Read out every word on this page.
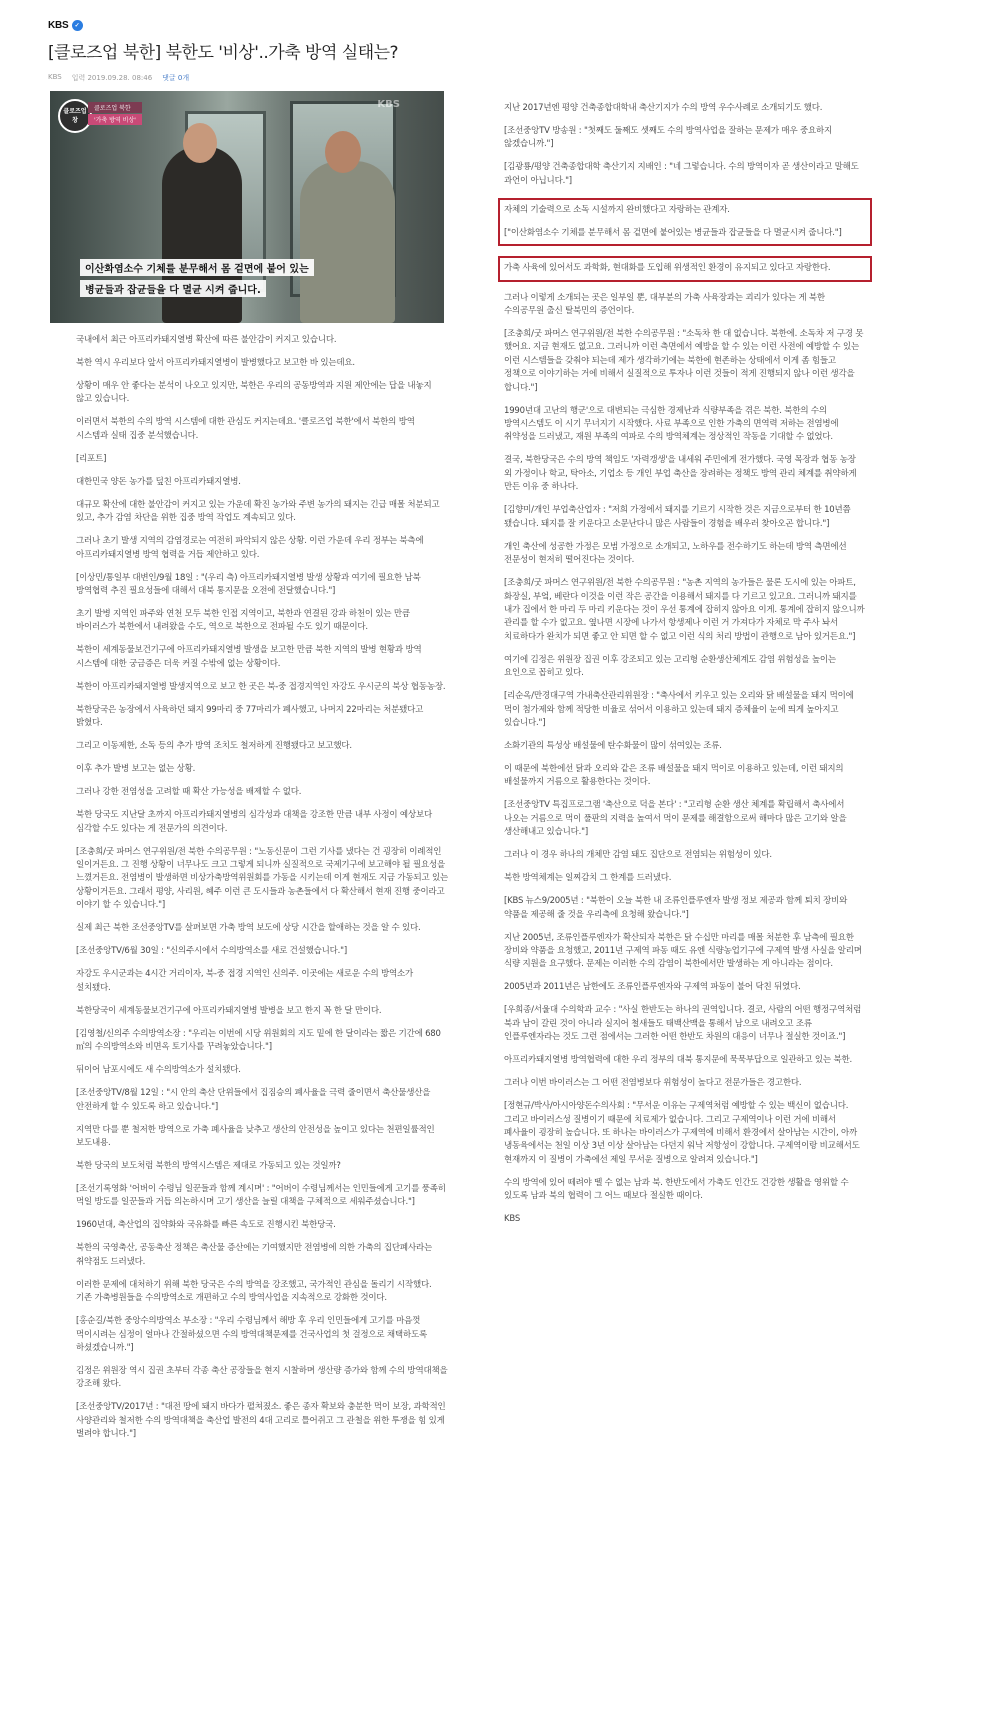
KBS	✓
[클로즈업 북한] 북한도 '비상'..가축 방역 실태는?
KBS 입력 2019.09.28. 08:46 댓글 0개
클로즈업
창
클로즈업 북한
'가축 방역 비상'
KBS
이산화염소수 기체를 분무해서 몸 겉면에 붙어 있는
병균들과 잡균들을 다 멸균 시켜 줍니다.

국내에서 최근 아프리카돼지열병 확산에 따른 불안감이 커지고 있습니다.

북한 역시 우리보다 앞서 아프리카돼지열병이 발병했다고 보고한 바 있는데요.

상황이 매우 안 좋다는 분석이 나오고 있지만, 북한은 우리의 공동방역과 지원 제안에는 답을 내놓지 않고 있습니다.

이러면서 북한의 수의 방역 시스템에 대한 관심도 커지는데요. '클로즈업 북한'에서 북한의 방역 시스템과 실태 집중 분석했습니다.

[리포트]

대한민국 양돈 농가를 덮친 아프리카돼지열병.

대규모 확산에 대한 불안감이 커지고 있는 가운데 확진 농가와 주변 농가의 돼지는 긴급 매몰 처분되고 있고, 추가 감염 차단을 위한 집중 방역 작업도 계속되고 있다.

그러나 초기 발생 지역의 감염경로는 여전히 파악되지 않은 상황. 이런 가운데 우리 정부는 북측에 아프리카돼지열병 방역 협력을 거듭 제안하고 있다.

[이상민/통일부 대변인/9월 18일 : "(우리 측) 아프리카돼지열병 발생 상황과 여기에 필요한 남북 방역협력 추진 필요성들에 대해서 대북 통지문을 오전에 전달했습니다."]

초기 발병 지역인 파주와 연천 모두 북한 인접 지역이고, 북한과 연결된 강과 하천이 있는 만큼 바이러스가 북한에서 내려왔을 수도, 역으로 북한으로 전파될 수도 있기 때문이다.

북한이 세계동물보건기구에 아프리카돼지열병 발생을 보고한 만큼 북한 지역의 발병 현황과 방역 시스템에 대한 궁금증은 더욱 커질 수밖에 없는 상황이다.

북한이 아프리카돼지열병 발생지역으로 보고 한 곳은 북-중 접경지역인 자강도 우시군의 북상 협동농장.

북한당국은 농장에서 사육하던 돼지 99마리 중 77마리가 폐사했고, 나머지 22마리는 처분됐다고 밝혔다.

그리고 이동제한, 소독 등의 추가 방역 조치도 철저하게 진행됐다고 보고했다.

이후 추가 발병 보고는 없는 상황.

그러나 강한 전염성을 고려할 때 확산 가능성을 배제할 수 없다.

북한 당국도 지난달 초까지 아프리카돼지열병의 심각성과 대책을 강조한 만큼 내부 사정이 예상보다 심각할 수도 있다는 게 전문가의 의견이다.

[조충희/굿 파머스 연구위원/전 북한 수의공무원 : "노동신문이 그런 기사를 냈다는 건 굉장히 이례적인 일이거든요. 그 진행 상황이 너무나도 크고 그렇게 되니까 실질적으로 국제기구에 보고해야 될 필요성을 느꼈거든요. 전염병이 발생하면 비상가축방역위원회를 가동을 시키는데 이게 현재도 지금 가동되고 있는 상황이거든요. 그래서 평양, 사리원, 혜주 이런 큰 도시들과 농촌들에서 다 확산해서 현재 진행 중이라고 이야기 할 수 있습니다."]

실제 최근 북한 조선중앙TV를 살펴보면 가축 방역 보도에 상당 시간을 할애하는 것을 알 수 있다.

[조선중앙TV/6월 30일 : "신의주시에서 수의방역소를 새로 건설했습니다."]

자강도 우시군과는 4시간 거리이자, 북-중 접경 지역인 신의주. 이곳에는 새로운 수의 방역소가 설치됐다.

북한당국이 세계동물보건기구에 아프리카돼지열병 발병을 보고 한지 꼭 한 달 만이다.

[김영철/신의주 수의방역소장 : "우리는 이번에 시당 위원회의 지도 밑에 한 달이라는 짧은 기간에 680㎡의 수의방역소와 비면옥 토기사를 꾸려놓았습니다."]

뒤이어 남포시에도 새 수의방역소가 설치됐다.

[조선중앙TV/8월 12일 : "시 안의 축산 단위들에서 집짐승의 폐사율을 극력 줄이면서 축산물생산을 안전하게 할 수 있도록 하고 있습니다."]

지역만 다를 뿐 철저한 방역으로 가축 폐사율을 낮추고 생산의 안전성을 높이고 있다는 천편일률적인 보도내용.

북한 당국의 보도처럼 북한의 방역시스템은 제대로 가동되고 있는 것일까?

[조선기록영화 '어버이 수령님 일꾼들과 함께 계시며' : "어버이 수령님께서는 인민들에게 고기를 풍족히 먹일 방도를 일꾼들과 거듭 의논하시며 고기 생산을 늘릴 대책을 구체적으로 세워주셨습니다."]

1960년대, 축산업의 집약화와 국유화를 빠른 속도로 진행시킨 북한당국.

북한의 국영축산, 공동축산 정책은 축산물 증산에는 기여했지만 전염병에 의한 가축의 집단폐사라는 취약점도 드러냈다.

이러한 문제에 대처하기 위해 북한 당국은 수의 방역을 강조했고, 국가적인 관심을 돌리기 시작했다. 기존 가축병원들을 수의방역소로 개편하고 수의 방역사업을 지속적으로 강화한 것이다.

[홍순길/북한 중앙수의방역소 부소장 : "우리 수령님께서 해방 후 우리 인민들에게 고기를 마음껏 먹이시려는 심정이 얼마나 간절하셨으면 수의 방역대책문제를 건국사업의 첫 걸정으로 채택하도록 하셨겠습니까."]

김정은 위원장 역시 집권 초부터 각종 축산 공장들을 현지 시찰하며 생산량 증가와 함께 수의 방역대책을 강조해 왔다.

[조선중앙TV/2017년 : "대전 땅에 돼지 바다가 펼쳐졌소. 좋은 종자 확보와 충분한 먹이 보장, 과학적인 사양관리와 철저한 수의 방역대책을 축산업 발전의 4대 고리로 틀어쥐고 그 관철을 위한 투쟁을 힘 있게 벌려야 합니다."]

지난 2017년엔 평양 건축종합대학내 축산기지가 수의 방역 우수사례로 소개되기도 했다.

[조선중앙TV 방송원 : "첫째도 둘째도 셋째도 수의 방역사업을 잘하는 문제가 매우 중요하지 않겠습니까."]

[김광룡/평양 건축종합대학 축산기지 지배인 : "네 그렇습니다. 수의 방역이자 곧 생산이라고 말해도 과언이 아닙니다."]

자체의 기술력으로 소독 시설까지 완비했다고 자랑하는 관계자.

["이산화염소수 기체를 분무해서 몸 겉면에 붙어있는 병균들과 잡균들을 다 멸균시켜 줍니다."]

가축 사육에 있어서도 과학화, 현대화를 도입해 위생적인 환경이 유지되고 있다고 자랑한다.

그러나 이렇게 소개되는 곳은 일부일 뿐, 대부분의 가축 사육장과는 괴리가 있다는 게 북한 수의공무원 출신 탈북민의 증언이다.

[조충희/굿 파머스 연구위원/전 북한 수의공무원 : "소독차 한 대 없습니다. 북한에. 소독차 저 구경 못 했어요. 지금 현재도 없고요. 그러니까 이런 측면에서 예방을 할 수 있는 이런 사전에 예방할 수 있는 이런 시스템들을 갖춰야 되는데 제가 생각하기에는 북한에 현존하는 상태에서 이게 좀 힘들고 정책으로 이야기하는 거에 비해서 실질적으로 투자나 이런 것들이 적게 진행되지 않나 이런 생각을 합니다."]

1990년대 고난의 행군'으로 대변되는 극심한 경제난과 식량부족을 겪은 북한. 북한의 수의 방역시스템도 이 시기 무너지기 시작했다. 사료 부족으로 인한 가축의 면역력 저하는 전염병에 취약성을 드러냈고, 재원 부족의 여파로 수의 방역체계는 정상적인 작동을 기대할 수 없었다.

결국, 북한당국은 수의 방역 책임도 '자력갱생'을 내세워 주민에게 전가했다. 국영 목장과 협동 농장 외 가정이나 학교, 탁아소, 기업소 등 개인 부업 축산을 장려하는 정책도 방역 관리 체계를 취약하게 만든 이유 중 하나다.

[김향미/개인 부업축산업자 : "저희 가정에서 돼지를 기르기 시작한 것은 지금으로부터 한 10년쯤 됐습니다. 돼지를 잘 키운다고 소문난다니 많은 사람들이 경험을 배우러 찾아오곤 합니다."]

개인 축산에 성공한 가정은 모범 가정으로 소개되고, 노하우를 전수하기도 하는데 방역 측면에선 전문성이 현저히 떨어진다는 것이다.

[조충희/굿 파머스 연구위원/전 북한 수의공무원 : "농촌 지역의 농가들은 물론 도시에 있는 아파트, 화장실, 부엌, 베란다 이것을 이런 작은 공간을 이용해서 돼지를 다 기르고 있고요. 그러니까 돼지를 내가 집에서 한 마리 두 마리 키운다는 것이 우선 통계에 잡히지 않아요 이게. 통계에 잡히지 않으니까 관리를 할 수가 없고요. 옆나면 시장에 나가서 항생제나 이런 거 가져다가 자체로 막 주사 놔서 치료하다가 완치가 되면 좋고 안 되면 할 수 없고 이런 식의 처리 방법이 관행으로 남아 있거든요."]

여기에 김정은 위원장 집권 이후 강조되고 있는 고리형 순환생산체계도 감염 위험성을 높이는 요인으로 꼽히고 있다.

[리순옥/만경대구역 가내축산관리위원장 : "축사에서 키우고 있는 오리와 닭 배설물을 돼지 먹이에 먹이 첨가제와 함께 적당한 비율로 섞어서 이용하고 있는데 돼지 증체율이 눈에 띄게 높아지고 있습니다."]

소화기관의 특성상 배설물에 탄수화물이 많이 섞여있는 조류.

이 때문에 북한에선 닭과 오리와 같은 조류 배설물을 돼지 먹이로 이용하고 있는데, 이런 돼지의 배설물까지 거름으로 활용한다는 것이다.

[조선중앙TV 특집프로그램 '축산으로 덕을 본다' : "고리형 순환 생산 체계를 확립해서 축사에서 나오는 거름으로 먹이 풀판의 지력을 높여서 먹이 문제를 해결함으로써 해마다 많은 고기와 알을 생산해내고 있습니다."]

그러나 이 경우 하나의 개체만 감염 돼도 집단으로 전염되는 위험성이 있다.

북한 방역체계는 일찌감치 그 한계를 드러냈다.

[KBS 뉴스9/2005년 : "북한이 오늘 북한 내 조류인플루엔자 발생 정보 제공과 함께 퇴치 장비와 약품을 제공해 줄 것을 우리측에 요청해 왔습니다."]

지난 2005년, 조류인플루엔자가 확산되자 북한은 닭 수십만 마리를 매몰 처분한 후 남측에 필요한 장비와 약품을 요청했고, 2011년 구제역 파동 때도 유엔 식량농업기구에 구제역 발생 사실을 알리며 식량 지원을 요구했다. 문제는 이러한 수의 감염이 북한에서만 발생하는 게 아니라는 점이다.

2005년과 2011년은 남한에도 조류인플루엔자와 구제역 파동이 불어 닥친 뒤였다.

[우희종/서울대 수의학과 교수 : "사실 한반도는 하나의 권역입니다. 결코, 사람의 어떤 행정구역처럼 북과 남이 갈린 것이 아니라 실지어 철새들도 태백산맥을 통해서 남으로 내려오고 조류 인플루엔자라는 것도 그런 점에서는 그러한 어떤 한반도 차원의 대응이 너무나 절실한 것이죠."]

아프리카돼지열병 방역협력에 대한 우리 정부의 대북 통지문에 묵묵부답으로 일관하고 있는 북한.

그러나 이번 바이러스는 그 어떤 전염병보다 위험성이 높다고 전문가들은 경고한다.

[정현규/박사/아시아양돈수의사회 : "무서운 이유는 구제역처럼 예방할 수 있는 백신이 없습니다. 그리고 바이러스성 질병이기 때문에 치료제가 없습니다. 그리고 구제역이나 이런 거에 비해서 폐사율이 굉장히 높습니다. 또 하나는 바이러스가 구제역에 비해서 환경에서 살아남는 시간이, 아까 냉동육에서는 천일 이상 3년 이상 살아남는 다던지 워낙 저항성이 강합니다. 구제역이랑 비교해서도 현재까지 이 질병이 가축에선 제일 무서운 질병으로 알려져 있습니다."]

수의 방역에 있어 떼려야 뗄 수 없는 남과 북. 한반도에서 가축도 인간도 건강한 생활을 영위할 수 있도록 남과 북의 협력이 그 어느 때보다 절실한 때이다.

KBS
